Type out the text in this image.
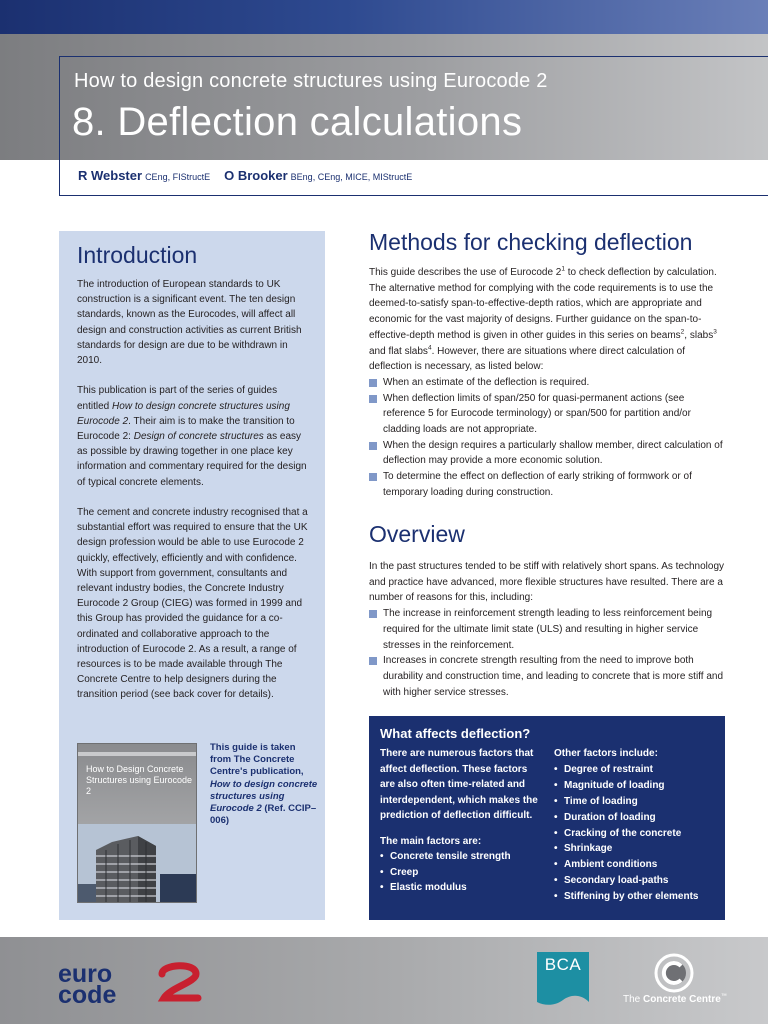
How to design concrete structures using Eurocode 2
8. Deflection calculations
R Webster CEng, FIStructE O Brooker BEng, CEng, MICE, MIStructE
Introduction

The introduction of European standards to UK construction is a significant event. The ten design standards, known as the Eurocodes, will affect all design and construction activities as current British standards for design are due to be withdrawn in 2010.

This publication is part of the series of guides entitled How to design concrete structures using Eurocode 2. Their aim is to make the transition to Eurocode 2: Design of concrete structures as easy as possible by drawing together in one place key information and commentary required for the design of typical concrete elements.

The cement and concrete industry recognised that a substantial effort was required to ensure that the UK design profession would be able to use Eurocode 2 quickly, effectively, efficiently and with confidence. With support from government, consultants and relevant industry bodies, the Concrete Industry Eurocode 2 Group (CIEG) was formed in 1999 and this Group has provided the guidance for a co-ordinated and collaborative approach to the introduction of Eurocode 2. As a result, a range of resources is to be made available through The Concrete Centre to help designers during the transition period (see back cover for details).

How to Design Concrete Structures using Eurocode 2
This guide is taken from The Concrete Centre's publication, How to design concrete structures using Eurocode 2 (Ref. CCIP–006)
Methods for checking deflection

This guide describes the use of Eurocode $2^1$ to check deflection by calculation. The alternative method for complying with the code requirements is to use the deemed-to-satisfy span-to-effective-depth ratios, which are appropriate and economic for the vast majority of designs. Further guidance on the span-to-effective-depth method is given in other guides in this series on beams$^2$, slabs$^3$ and flat slabs$^4$. However, there are situations where direct calculation of deflection is necessary, as listed below:

When an estimate of the deflection is required.
When deflection limits of span/250 for quasi-permanent actions (see reference 5 for Eurocode terminology) or span/500 for partition and/or cladding loads are not appropriate.
When the design requires a particularly shallow member, direct calculation of deflection may provide a more economic solution.
To determine the effect on deflection of early striking of formwork or of temporary loading during construction.
Overview

In the past structures tended to be stiff with relatively short spans. As technology and practice have advanced, more flexible structures have resulted. There are a number of reasons for this, including:

The increase in reinforcement strength leading to less reinforcement being required for the ultimate limit state (ULS) and resulting in higher service stresses in the reinforcement.
Increases in concrete strength resulting from the need to improve both durability and construction time, and leading to concrete that is more stiff and with higher service stresses.
What affects deflection?

There are numerous factors that affect deflection. These factors are also often time-related and interdependent, which makes the prediction of deflection difficult.

The main factors are:

• Concrete tensile strength
• Creep
• Elastic modulus

Other factors include:

• Degree of restraint
• Magnitude of loading
• Time of loading
• Duration of loading
• Cracking of the concrete
• Shrinkage
• Ambient conditions
• Secondary load-paths
• Stiffening by other elements
euro
code
BCA
The Concrete Centre™
